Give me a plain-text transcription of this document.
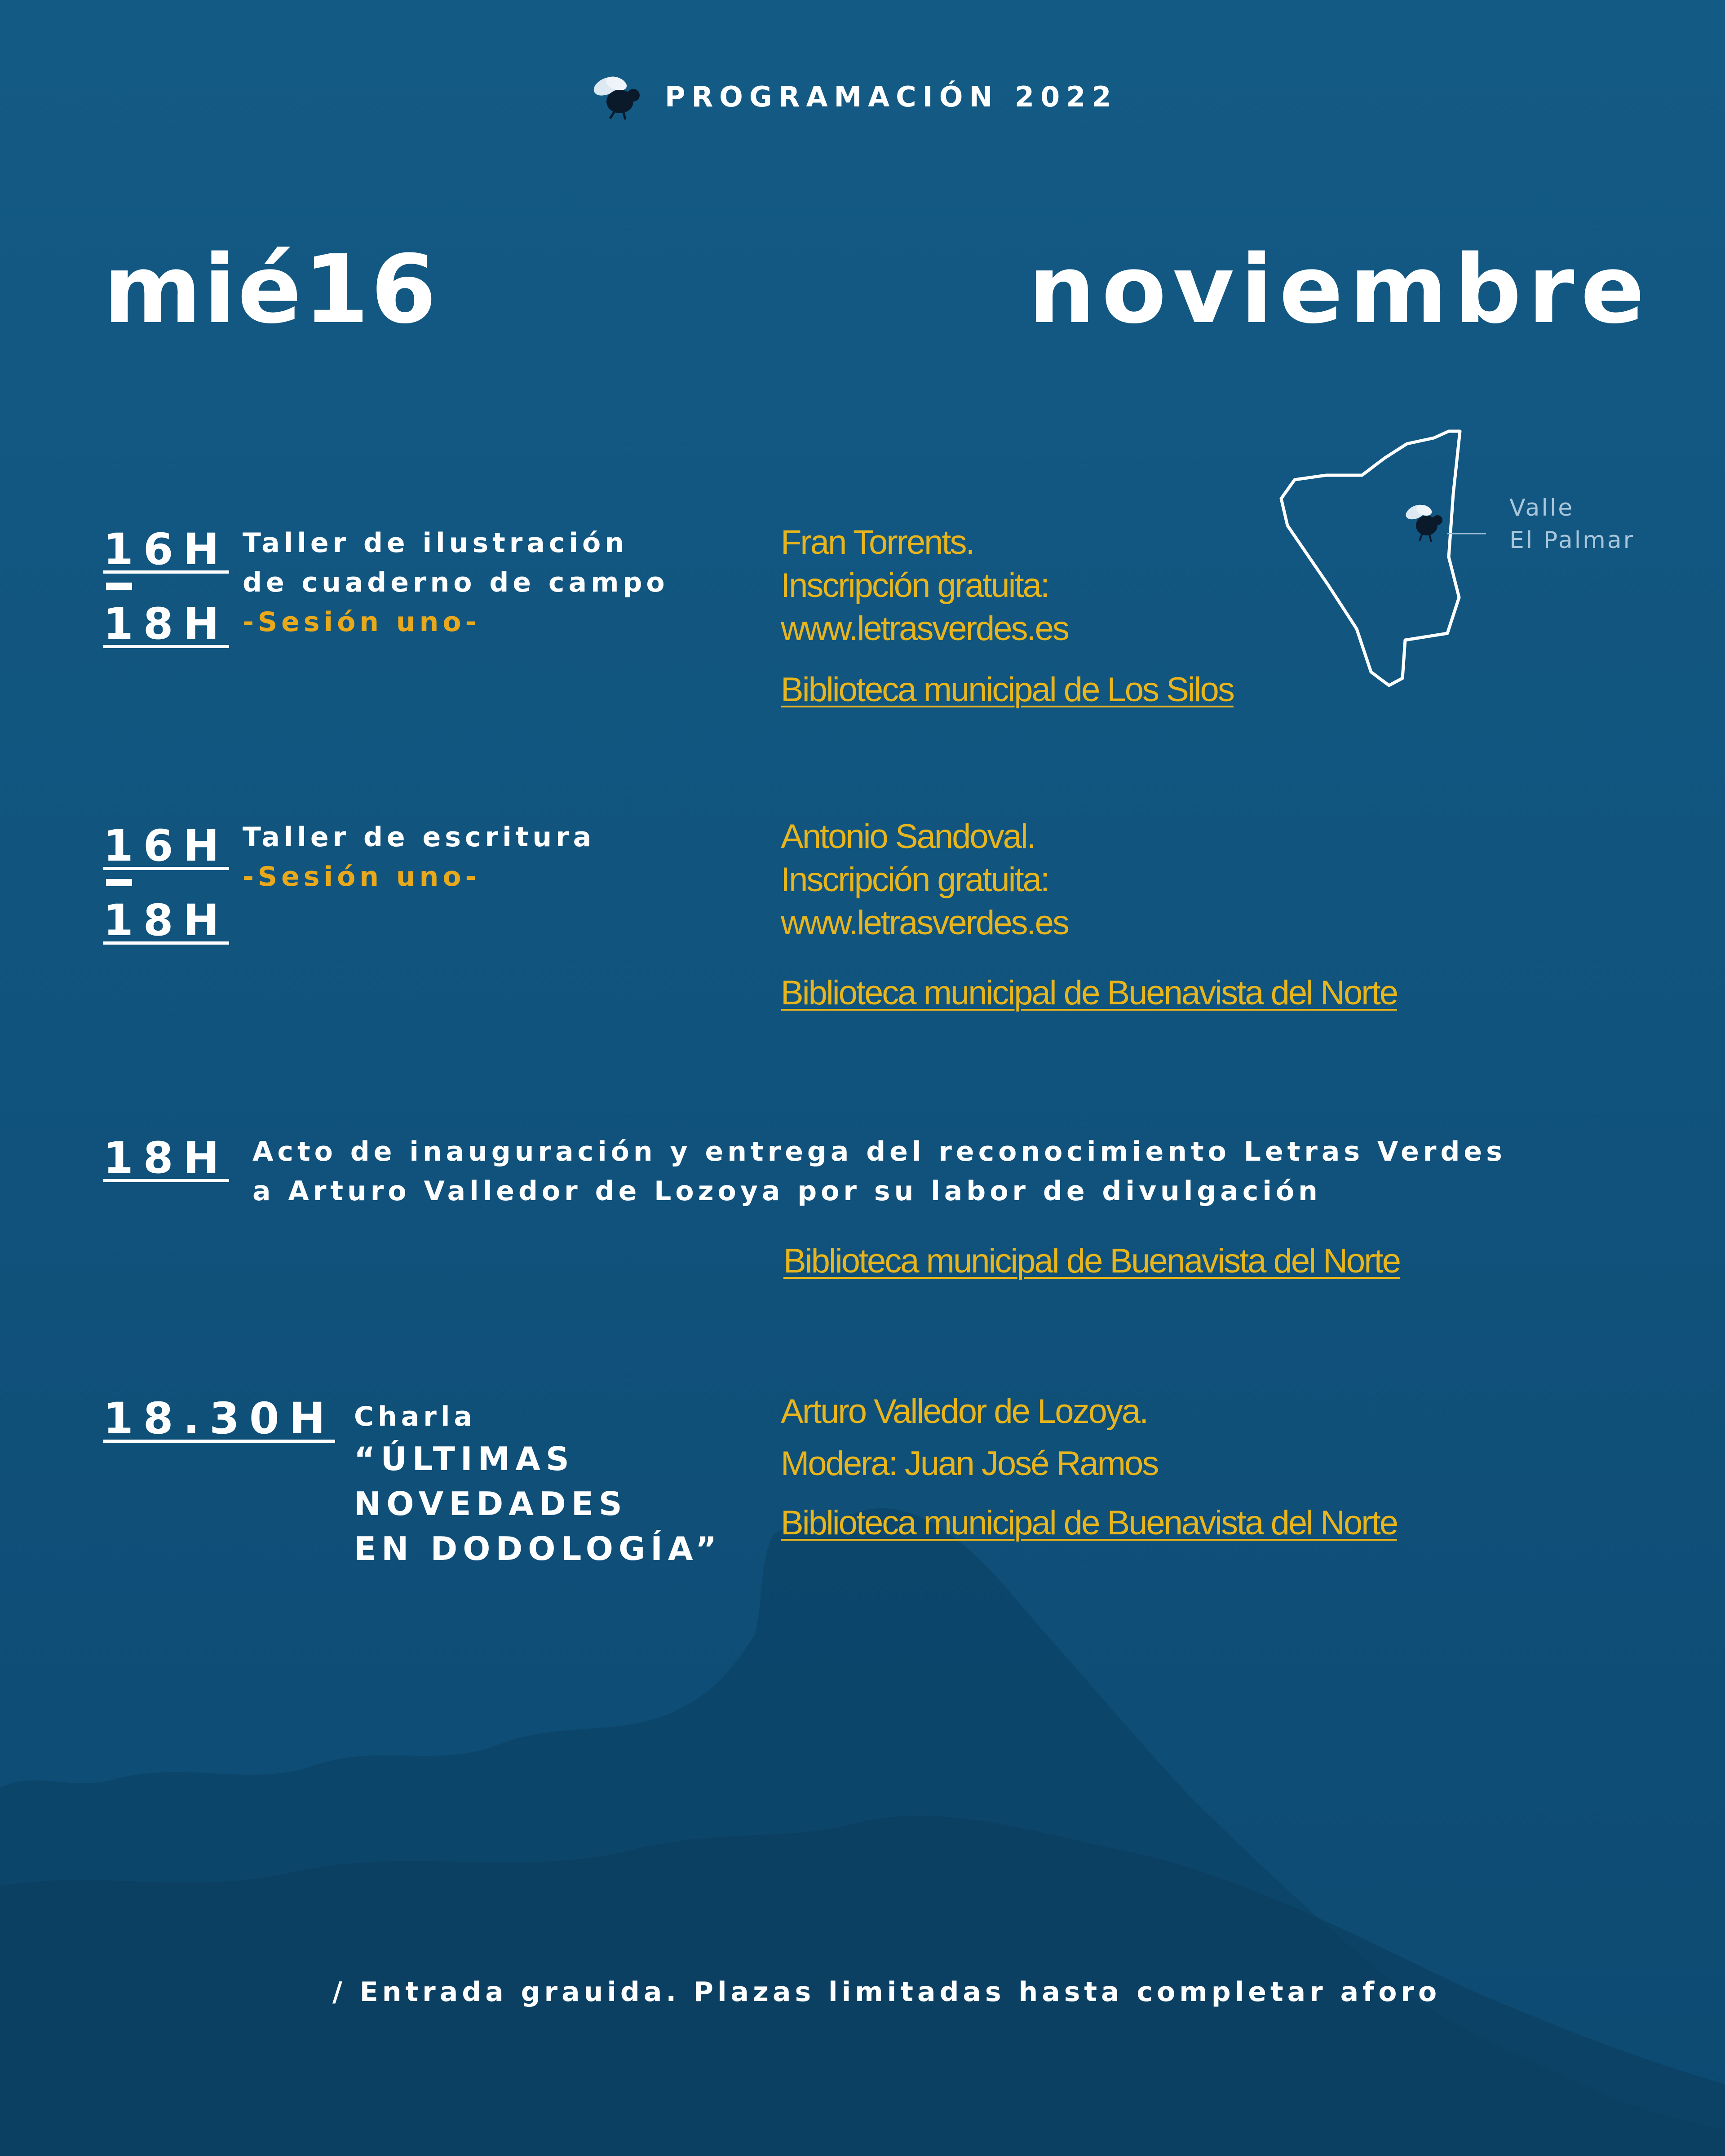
PROGRAMACIÓN 2022
mié16	noviembre
Valle
El Palmar
16H
18H
Taller de ilustración
de cuaderno de campo
-Sesión uno-
Fran Torrents.
Inscripción gratuita:
www.letrasverdes.es
Biblioteca municipal de Los Silos
16H
18H
Taller de escritura
-Sesión uno-
Antonio Sandoval.
Inscripción gratuita:
www.letrasverdes.es
Biblioteca municipal de Buenavista del Norte
18H Acto de inauguración y entrega del reconocimiento Letras Verdes
a Arturo Valledor de Lozoya por su labor de divulgación
Biblioteca municipal de Buenavista del Norte
18.30H Charla
“ÚLTIMAS
NOVEDADES
EN DODOLOGÍA”
Arturo Valledor de Lozoya.
Modera: Juan José Ramos
Biblioteca municipal de Buenavista del Norte
/ Entrada grauida. Plazas limitadas hasta completar aforo
